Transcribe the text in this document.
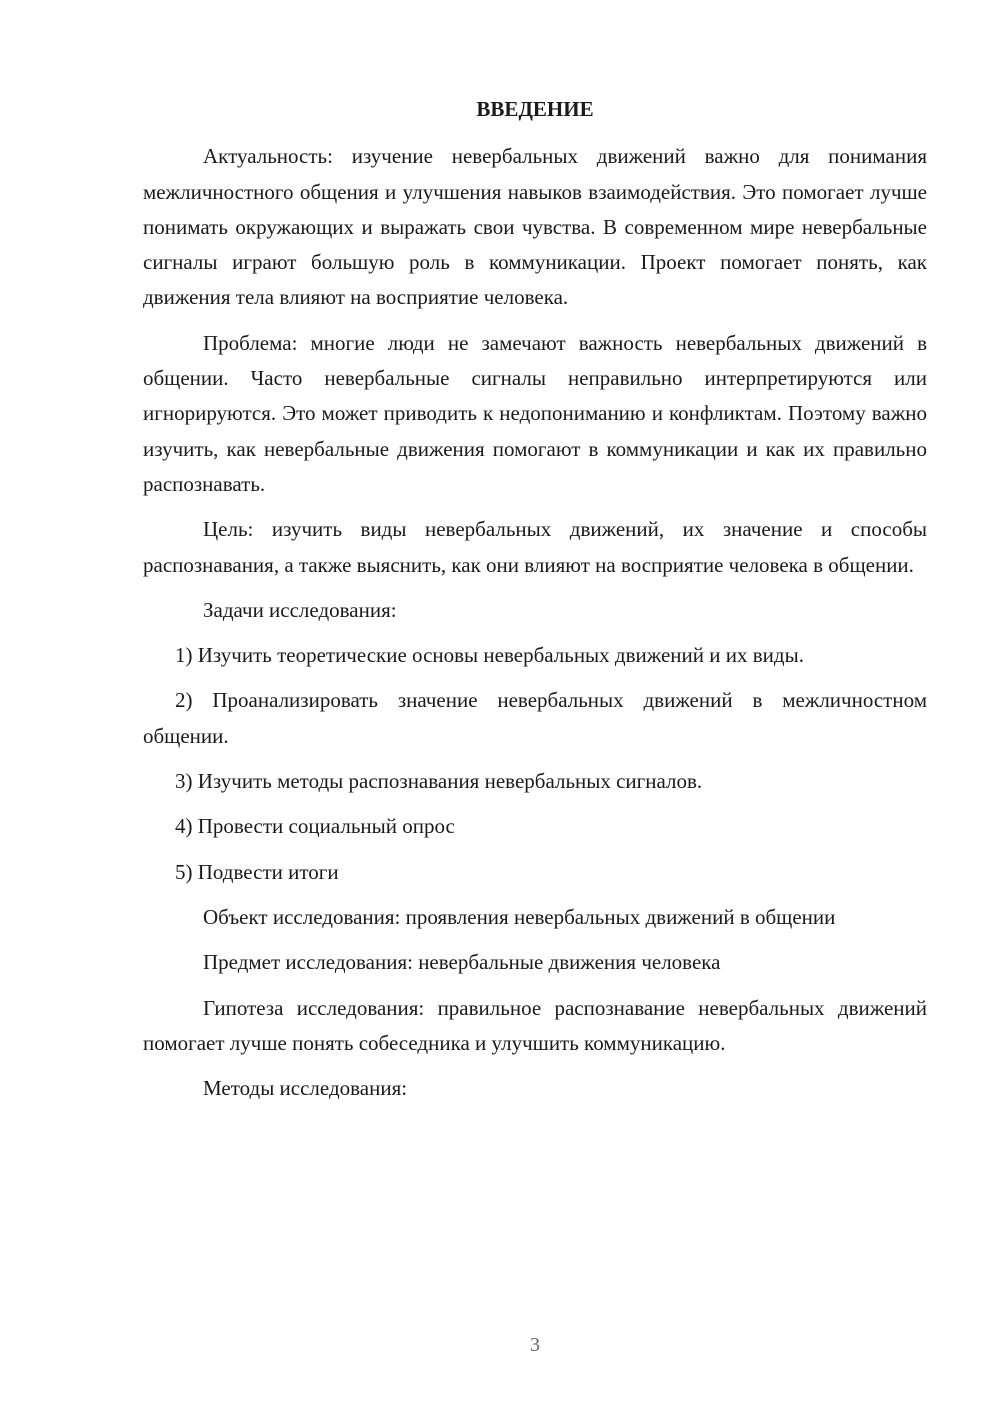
ВВЕДЕНИЕ

Актуальность: изучение невербальных движений важно для понимания межличностного общения и улучшения навыков взаимодействия. Это помогает лучше понимать окружающих и выражать свои чувства. В современном мире невербальные сигналы играют большую роль в коммуникации. Проект помогает понять, как движения тела влияют на восприятие человека.

Проблема: многие люди не замечают важность невербальных движений в общении. Часто невербальные сигналы неправильно интерпретируются или игнорируются. Это может приводить к недопониманию и конфликтам. Поэтому важно изучить, как невербальные движения помогают в коммуникации и как их правильно распознавать.

Цель: изучить виды невербальных движений, их значение и способы распознавания, а также выяснить, как они влияют на восприятие человека в общении.

Задачи исследования:

1) Изучить теоретические основы невербальных движений и их виды.

2) Проанализировать значение невербальных движений в межличностном общении.

3) Изучить методы распознавания невербальных сигналов.

4) Провести социальный опрос

5) Подвести итоги

Объект исследования: проявления невербальных движений в общении

Предмет исследования: невербальные движения человека

Гипотеза исследования: правильное распознавание невербальных движений помогает лучше понять собеседника и улучшить коммуникацию.

Методы исследования:

3
